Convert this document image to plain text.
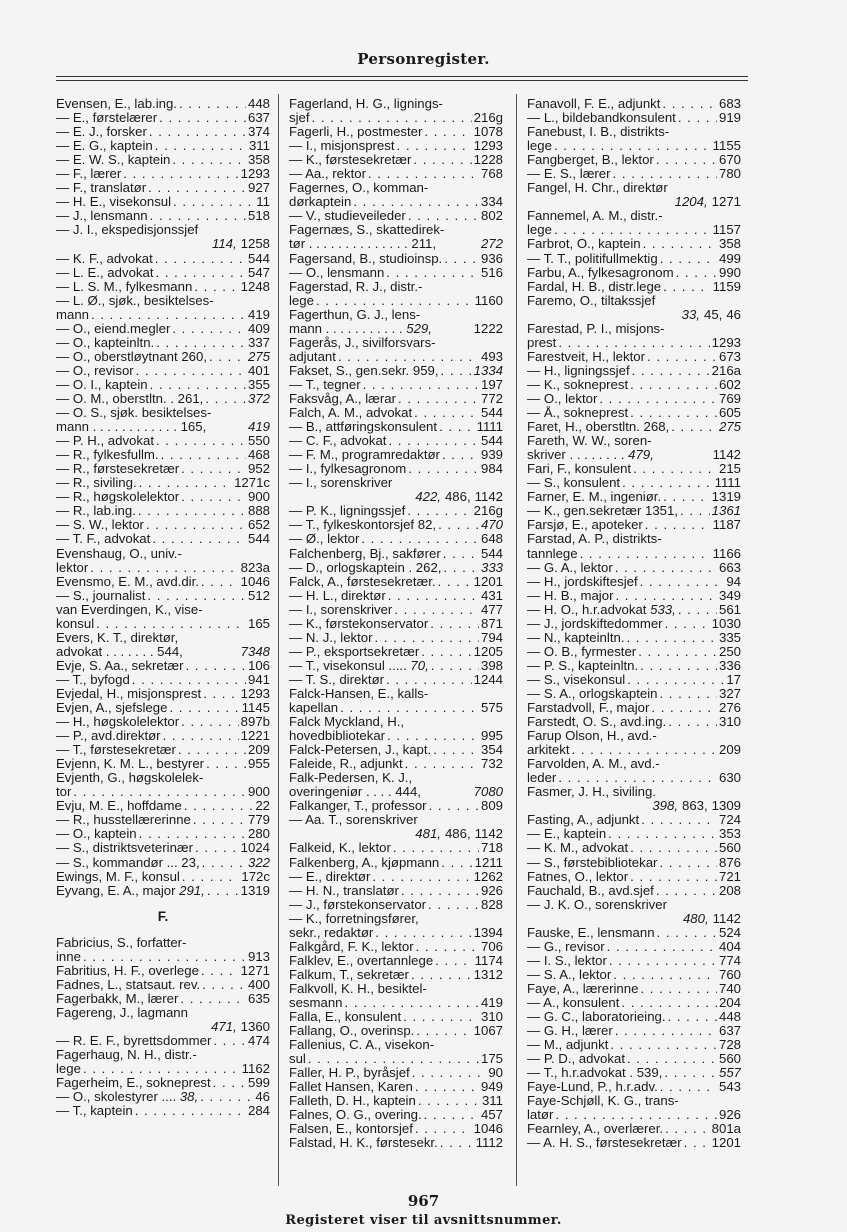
Personregister.
Evensen, E., lab.ing. . . .	448
— E., førstelærer . . .	637
— E. J., forsker . . .	374
— E. G., kaptein . . .	311
— E. W. S., kaptein . . .	358
— F., lærer . . .	1293
— F., translatør . . .	927
— H. E., visekonsul . . .	11
— J., lensmann . . .	518
— J. I., ekspedisjonssjef
114, 1258
— K. F., advokat . . .	544
— L. E., advokat . . .	547
— L. S. M., fylkesmann . . .	1248
— L. Ø., sjøk., besiktelses-
mann . . .	419
— O., eiend.megler . . .	409
— O., kapteinltn. . . .	337
— O., oberstløytnant 260, . . .	275
— O., revisor . . .	401
— O. I., kaptein . . .	355
— O. M., oberstltn. . 261, . . .	372
— O. S., sjøk. besiktelses-
mann . . . . . . . . . . . . 165,	419
— P. H., advokat . . .	550
— R., fylkesfullm. . . .	468
— R., førstesekretær . . .	952
— R., siviling. . . .	1271c
— R., høgskolelektor . . .	900
— R., lab.ing. . . .	888
— S. W., lektor . . .	652
— T. F., advokat . . .	544
Evenshaug, O., univ.-
lektor . . .	823a
Evensmo, E. M., avd.dir. . . .	1046
— S., journalist . . .	512
van Everdingen, K., vise-
konsul . . .	165
Evers, K. T., direktør,
advokat . . . . . . . 544,	7348
Evje, S. Aa., sekretær . . .	106
— T., byfogd . . .	941
Evjedal, H., misjonsprest . . .	1293
Evjen, A., sjefslege . . .	1145
— H., høgskolelektor . . .	897b
— P., avd.direktør . . .	1221
— T., førstesekretær . . .	209
Evjenn, K. M. L., bestyrer . . .	955
Evjenth, G., høgskolelek-
tor . . .	900
Evju, M. E., hoffdame . . .	22
— R., husstellærerinne . . .	779
— O., kaptein . . .	280
— S., distriktsveterinær . . .	1024
— S., kommandør ... 23, . . .	322
Ewings, M. F., konsul . . .	172c
Eyvang, E. A., major 291, . . .	1319
F.
Fabricius, S., forfatter-
inne . . .	913
Fabritius, H. F., overlege . . .	1271
Fadnes, L., statsaut. rev. . . .	400
Fagerbakk, M., lærer . . .	635
Fagereng, J., lagmann
471, 1360
— R. E. F., byrettsdommer . . .	474
Fagerhaug, N. H., distr.-
lege . . .	1162
Fagerheim, E., sokneprest . . .	599
— O., skolestyrer .... 38, . . .	46
— T., kaptein . . .	284
Fagerland, H. G., lignings-
sjef . . .	216g
Fagerli, H., postmester . . .	1078
— I., misjonsprest . . .	1293
— K., førstesekretær . . .	1228
— Aa., rektor . . .	768
Fagernes, O., komman-
dørkaptein . . .	334
— V., studieveileder . . .	802
Fagernæs, S., skattedirek-
tør . . . . . . . . . . . . . . 211,	272
Fagersand, B., studioinsp. . . .	936
— O., lensmann . . .	516
Fagerstad, R. J., distr.-
lege . . .	1160
Fagerthun, G. J., lens-
mann . . . . . . . . . . . 529,	1222
Fagerås, J., sivilforsvars-
adjutant . . .	493
Fakset, S., gen.sekr. 959, . . .	1334
— T., tegner . . .	197
Faksvåg, A., lærar . . .	772
Falch, A. M., advokat . . .	544
— B., attføringskonsulent . . .	1111
— C. F., advokat . . .	544
— F. M., programredaktør . . .	939
— I., fylkesagronom . . .	984
— I., sorenskriver
422, 486, 1142
— P. K., ligningssjef . . .	216g
— T., fylkeskontorsjef 82, . . .	470
— Ø., lektor . . .	648
Falchenberg, Bj., sakfører . . .	544
— D., orlogskaptein . 262, . . .	333
Falck, A., førstesekretær. . . .	1201
— H. L., direktør . . .	431
— I., sorenskriver . . .	477
— K., førstekonservator . . .	871
— N. J., lektor . . .	794
— P., eksportsekretær . . .	1205
— T., visekonsul ..... 70, . . .	398
— T. S., direktør . . .	1244
Falck-Hansen, E., kalls-
kapellan . . .	575
Falck Myckland, H.,
hovedbibliotekar . . .	995
Falck-Petersen, J., kapt. . . .	354
Faleide, R., adjunkt . . .	732
Falk-Pedersen, K. J.,
overingeniør . . . . 444,	7080
Falkanger, T., professor . . .	809
— Aa. T., sorenskriver
481, 486, 1142
Falkeid, K., lektor . . .	718
Falkenberg, A., kjøpmann . . .	1211
— E., direktør . . .	1262
— H. N., translatør . . .	926
— J., førstekonservator . . .	828
— K., forretningsfører,
sekr., redaktør . . .	1394
Falkgård, F. K., lektor . . .	706
Falklev, E., overtannlege . . .	1174
Falkum, T., sekretær . . .	1312
Falkvoll, K. H., besiktel-
sesmann . . .	419
Falla, E., konsulent . . .	310
Fallang, O., overinsp. . . .	1067
Fallenius, C. A., visekon-
sul . . .	175
Faller, H. P., byråsjef . . .	90
Fallet Hansen, Karen . . .	949
Falleth, D. H., kaptein . . .	311
Falnes, O. G., overing. . . .	457
Falsen, E., kontorsjef . . .	1046
Falstad, H. K., førstesekr. . . .	1112
Fanavoll, F. E., adjunkt . . .	683
— L., bildebandkonsulent . . .	919
Fanebust, I. B., distrikts-
lege . . .	1155
Fangberget, B., lektor . . .	670
— E. S., lærer . . .	780
Fangel, H. Chr., direktør
1204, 1271
Fannemel, A. M., distr.-
lege . . .	1157
Farbrot, O., kaptein . . .	358
— T. T., politifullmektig . . .	499
Farbu, A., fylkesagronom . . .	990
Fardal, H. B., distr.lege . . .	1159
Faremo, O., tiltakssjef
33, 45, 46
Farestad, P. I., misjons-
prest . . .	1293
Farestveit, H., lektor . . .	673
— H., ligningssjef . . .	216a
— K., sokneprest . . .	602
— O., lektor . . .	769
— Å., sokneprest . . .	605
Faret, H., oberstltn. 268, . . .	275
Fareth, W. W., soren-
skriver . . . . . . . . 479,	1142
Fari, F., konsulent . . .	215
— S., konsulent . . .	1111
Farner, E. M., ingeniør. . . .	1319
— K., gen.sekretær 1351, . . .	1361
Farsjø, E., apoteker . . .	1187
Farstad, A. P., distrikts-
tannlege . . .	1166
— G. A., lektor . . .	663
— H., jordskiftesjef . . .	94
— H. B., major . . .	349
— H. O., h.r.advokat 533, . . .	561
— J., jordskiftedommer . . .	1030
— N., kapteinltn. . . .	335
— O. B., fyrmester . . .	250
— P. S., kapteinltn. . . .	336
— S., visekonsul . . .	17
— S. A., orlogskaptein . . .	327
Farstadvoll, F., major . . .	276
Farstedt, O. S., avd.ing. . . .	310
Farup Olson, H., avd.-
arkitekt . . .	209
Farvolden, A. M., avd.-
leder . . .	630
Fasmer, J. H., siviling.
398, 863, 1309
Fasting, A., adjunkt . . .	724
— E., kaptein . . .	353
— K. M., advokat . . .	560
— S., førstebibliotekar . . .	876
Fatnes, O., lektor . . .	721
Fauchald, B., avd.sjef . . .	208
— J. K. O., sorenskriver
480, 1142
Fauske, E., lensmann . . .	524
— G., revisor . . .	404
— I. S., lektor . . .	774
— S. A., lektor . . .	760
Faye, A., lærerinne . . .	740
— A., konsulent . . .	204
— G. C., laboratorieing. . . .	448
— G. H., lærer . . .	637
— M., adjunkt . . .	728
— P. D., advokat . . .	560
— T., h.r.advokat . 539, . . .	557
Faye-Lund, P., h.r.adv. . . .	543
Faye-Schjøll, K. G., trans-
latør . . .	926
Fearnley, A., overlærer. . . .	801a
— A. H. S., førstesekretær . . . 1201
967
Registeret viser til avsnittsnummer.
